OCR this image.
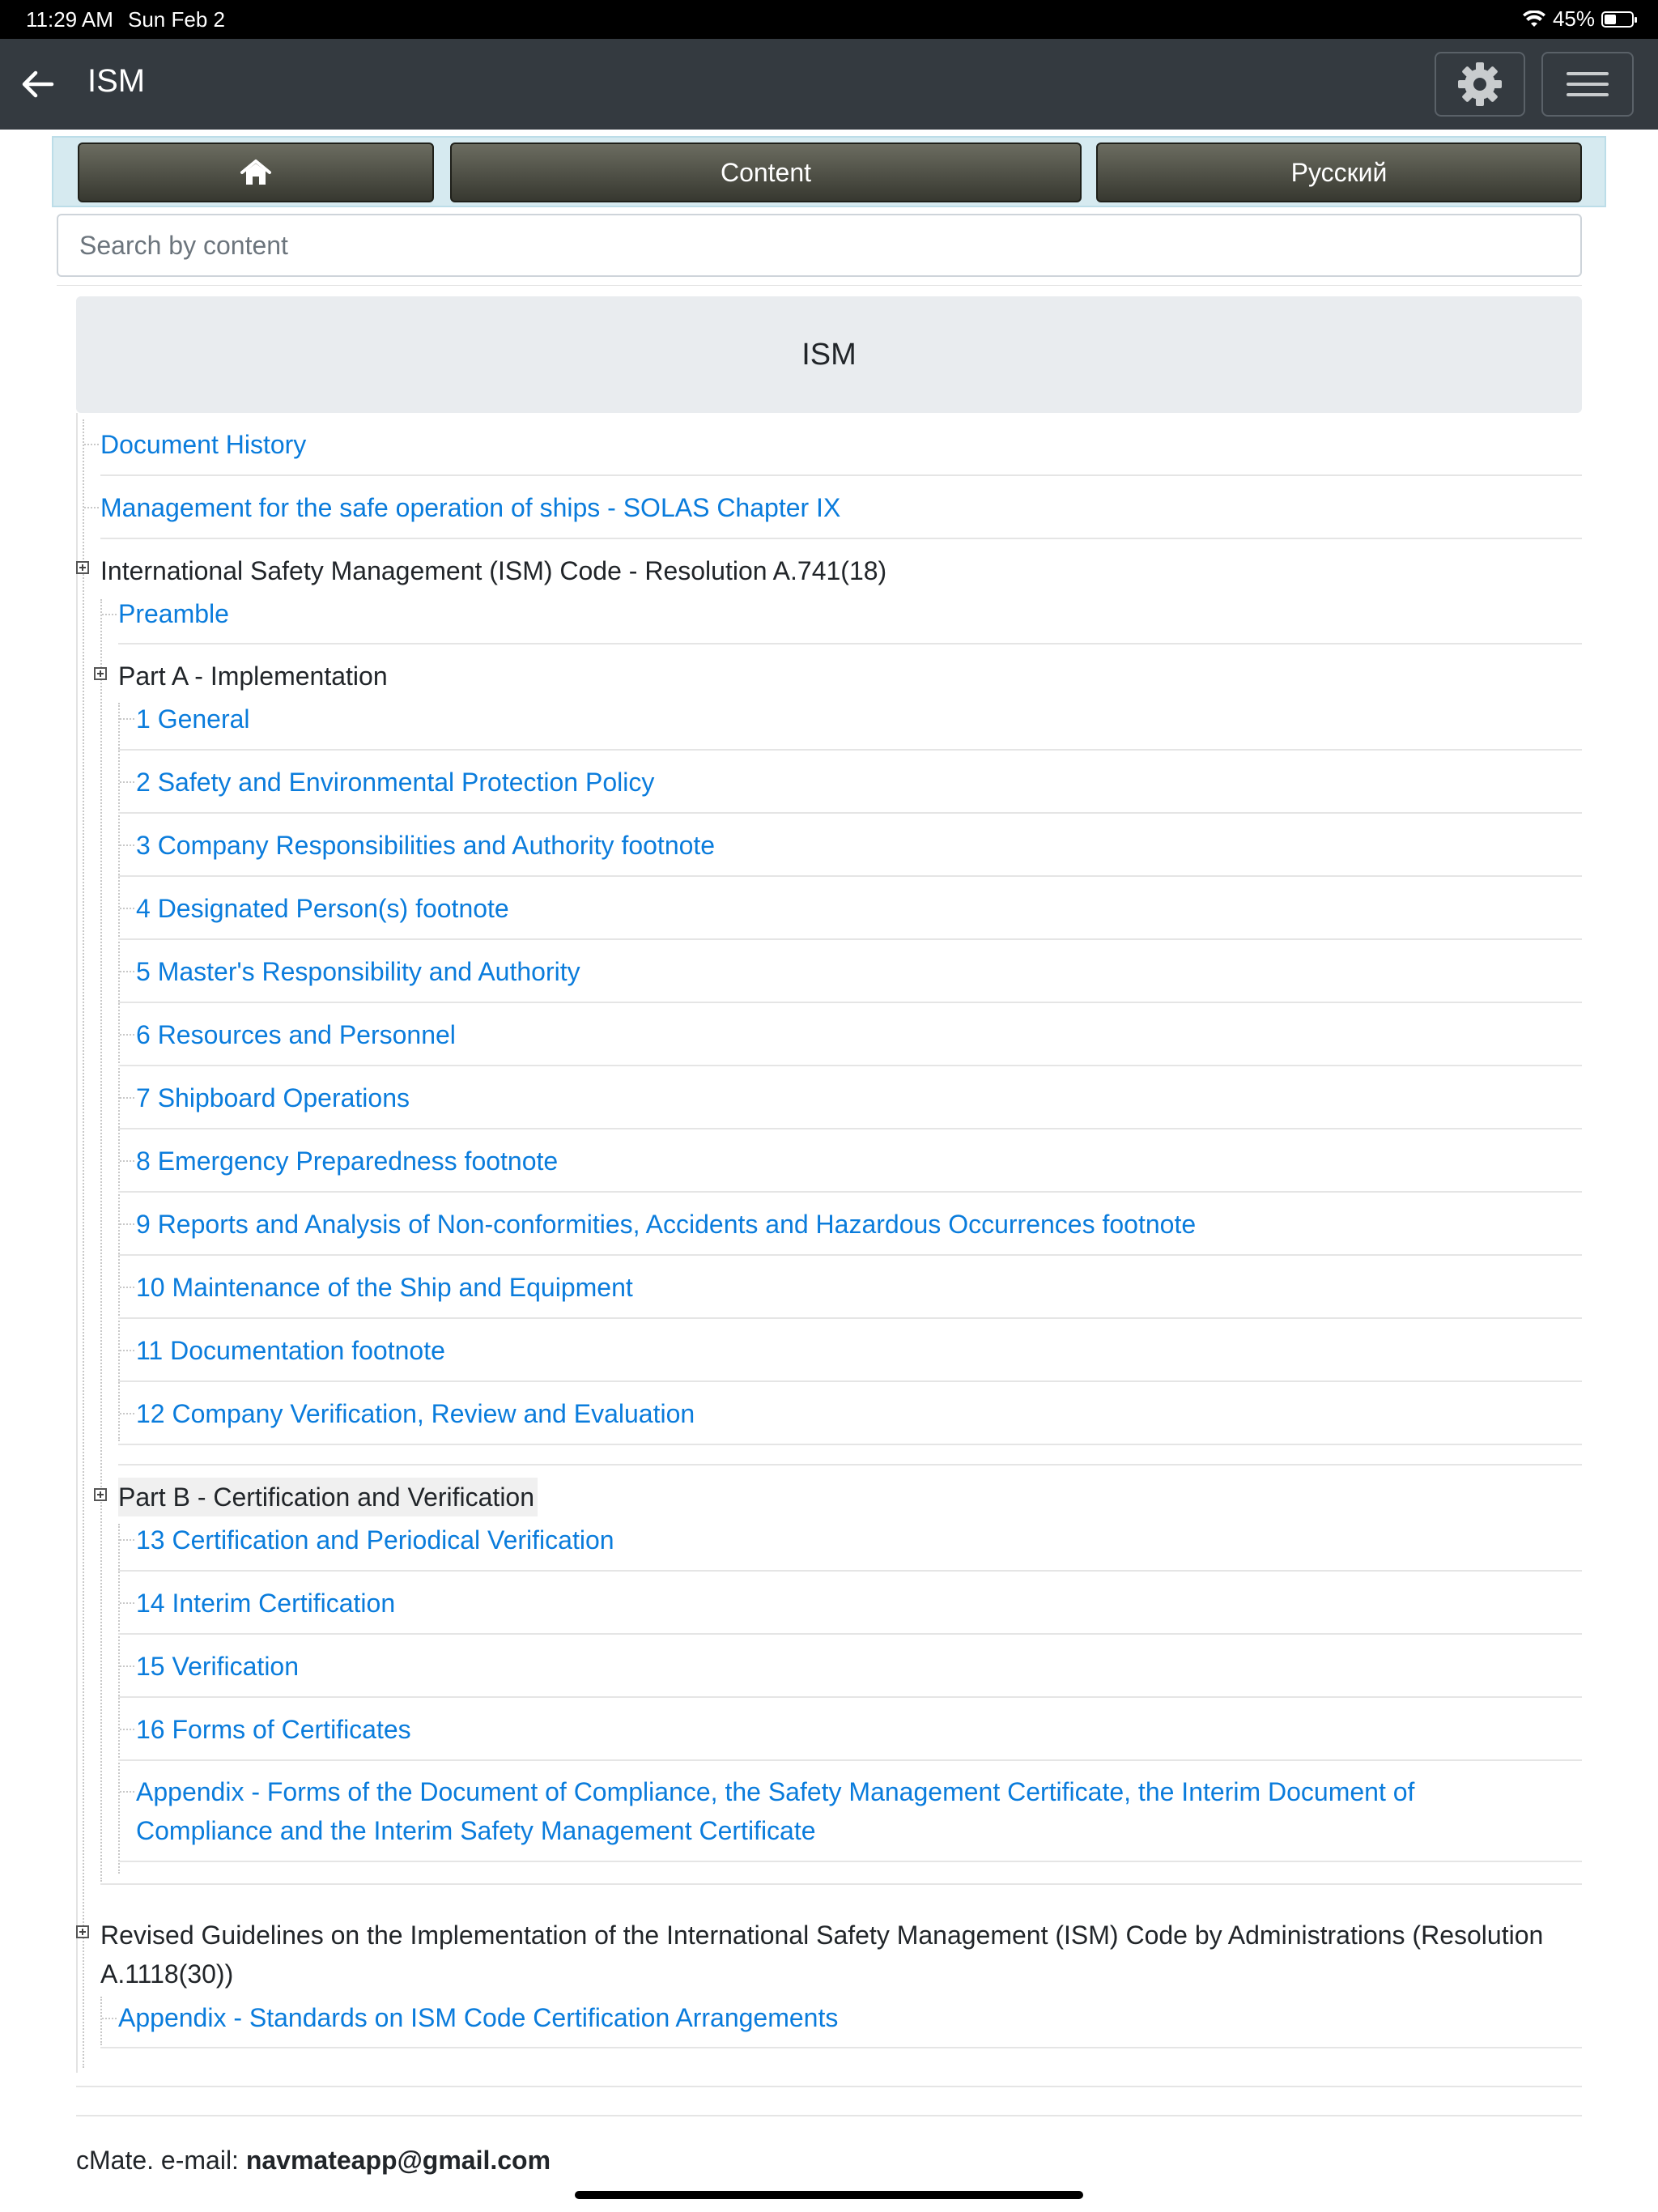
11:29 AM Sun Feb 2	45%
ISM
Content	Русский
Search by content
ISM
Document History
Management for the safe operation of ships - SOLAS Chapter IX
International Safety Management (ISM) Code - Resolution A.741(18)
Preamble
Part A - Implementation
1 General
2 Safety and Environmental Protection Policy
3 Company Responsibilities and Authority footnote
4 Designated Person(s) footnote
5 Master's Responsibility and Authority
6 Resources and Personnel
7 Shipboard Operations
8 Emergency Preparedness footnote
9 Reports and Analysis of Non-conformities, Accidents and Hazardous Occurrences footnote
10 Maintenance of the Ship and Equipment
11 Documentation footnote
12 Company Verification, Review and Evaluation
Part B - Certification and Verification
13 Certification and Periodical Verification
14 Interim Certification
15 Verification
16 Forms of Certificates
Appendix - Forms of the Document of Compliance, the Safety Management Certificate, the Interim Document of
Compliance and the Interim Safety Management Certificate
Revised Guidelines on the Implementation of the International Safety Management (ISM) Code by Administrations (Resolution
A.1118(30))
Appendix - Standards on ISM Code Certification Arrangements
cMate. e-mail: navmateapp@gmail.com
